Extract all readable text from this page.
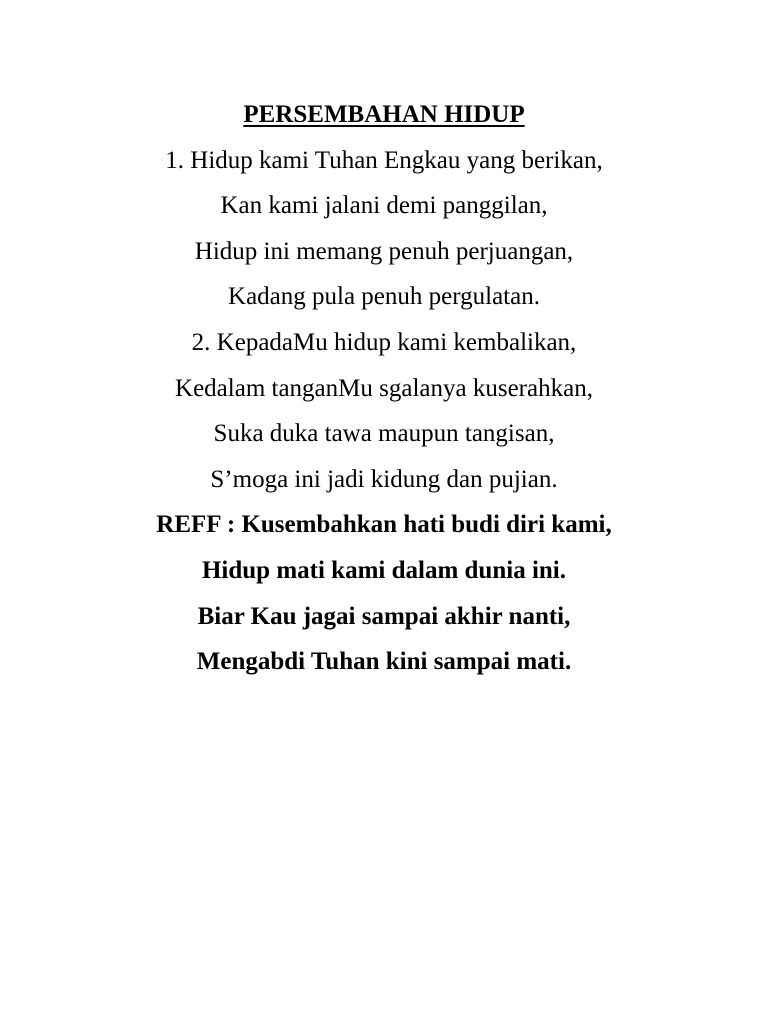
PERSEMBAHAN HIDUP
1. Hidup kami Tuhan Engkau yang berikan,
Kan kami jalani demi panggilan,
Hidup ini memang penuh perjuangan,
Kadang pula penuh pergulatan.
2. KepadaMu hidup kami kembalikan,
Kedalam tanganMu sgalanya kuserahkan,
Suka duka tawa maupun tangisan,
S’moga ini jadi kidung dan pujian.
REFF : Kusembahkan hati budi diri kami,
Hidup mati kami dalam dunia ini.
Biar Kau jagai sampai akhir nanti,
Mengabdi Tuhan kini sampai mati.
